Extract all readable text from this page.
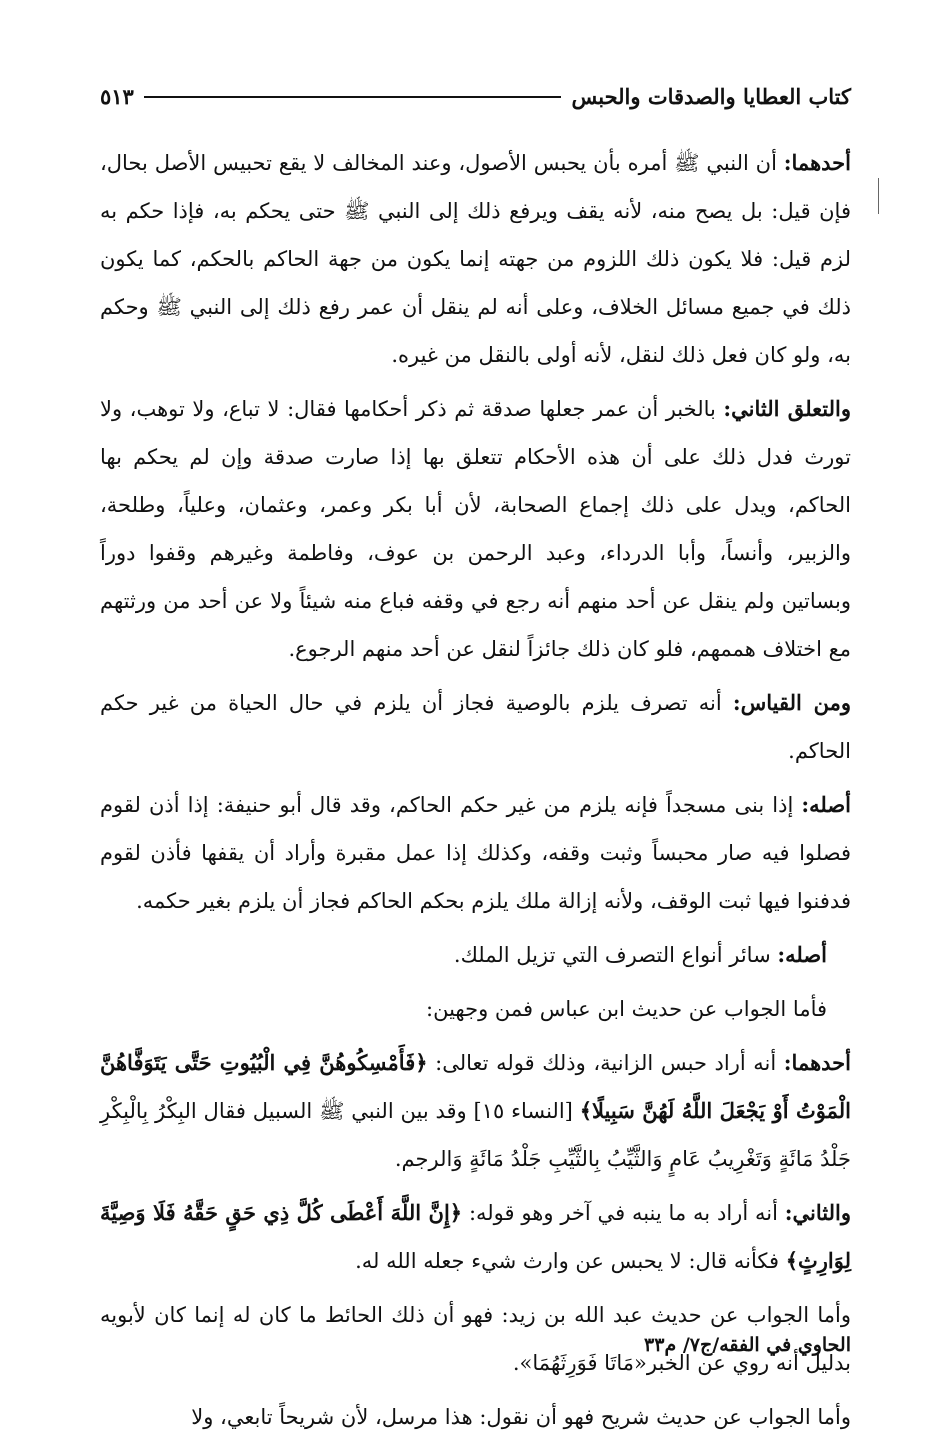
كتاب العطايا والصدقات والحبس
٥١٣

أحدهما: أن النبي ﷺ أمره بأن يحبس الأصول، وعند المخالف لا يقع تحبيس الأصل بحال، فإن قيل: بل يصح منه، لأنه يقف ويرفع ذلك إلى النبي ﷺ حتى يحكم به، فإذا حكم به لزم قيل: فلا يكون ذلك اللزوم من جهته إنما يكون من جهة الحاكم بالحكم، كما يكون ذلك في جميع مسائل الخلاف، وعلى أنه لم ينقل أن عمر رفع ذلك إلى النبي ﷺ وحكم به، ولو كان فعل ذلك لنقل، لأنه أولى بالنقل من غيره.

والتعلق الثاني: بالخبر أن عمر جعلها صدقة ثم ذكر أحكامها فقال: لا تباع، ولا توهب، ولا تورث فدل ذلك على أن هذه الأحكام تتعلق بها إذا صارت صدقة وإن لم يحكم بها الحاكم، ويدل على ذلك إجماع الصحابة، لأن أبا بكر وعمر، وعثمان، وعلياً، وطلحة، والزبير، وأنساً، وأبا الدرداء، وعبد الرحمن بن عوف، وفاطمة وغيرهم وقفوا دوراً وبساتين ولم ينقل عن أحد منهم أنه رجع في وقفه فباع منه شيئاً ولا عن أحد من ورثتهم مع اختلاف هممهم، فلو كان ذلك جائزاً لنقل عن أحد منهم الرجوع.

ومن القياس: أنه تصرف يلزم بالوصية فجاز أن يلزم في حال الحياة من غير حكم الحاكم.

أصله: إذا بنى مسجداً فإنه يلزم من غير حكم الحاكم، وقد قال أبو حنيفة: إذا أذن لقوم فصلوا فيه صار محبساً وثبت وقفه، وكذلك إذا عمل مقبرة وأراد أن يقفها فأذن لقوم فدفنوا فيها ثبت الوقف، ولأنه إزالة ملك يلزم بحكم الحاكم فجاز أن يلزم بغير حكمه.

أصله: سائر أنواع التصرف التي تزيل الملك.

فأما الجواب عن حديث ابن عباس فمن وجهين:

أحدهما: أنه أراد حبس الزانية، وذلك قوله تعالى: ﴿فَأَمْسِكُوهُنَّ فِي الْبُيُوتِ حَتَّى يَتَوَفَّاهُنَّ الْمَوْتُ أَوْ يَجْعَلَ اللَّهُ لَهُنَّ سَبِيلًا﴾ [النساء ١٥] وقد بين النبي ﷺ السبيل فقال البِكْرُ بِالْبِكْرِ جَلْدُ مَائَةٍ وَتَغْرِيبُ عَامٍ وَالثَّيِّبُ بِالثَّيِّبِ جَلْدُ مَائَةٍ وَالرجم.

والثاني: أنه أراد به ما ينبه في آخر وهو قوله: ﴿إِنَّ اللَّهَ أَعْطَى كُلَّ ذِي حَقٍ حَقَّهُ فَلَا وَصِيَّةَ لِوَارِثٍ﴾ فكأنه قال: لا يحبس عن وارث شيء جعله الله له.

وأما الجواب عن حديث عبد الله بن زيد: فهو أن ذلك الحائط ما كان له إنما كان لأبويه بدليل أنه روي عن الخبر«مَاتَا فَوَرِثَهُمَا».

وأما الجواب عن حديث شريح فهو أن نقول: هذا مرسل، لأن شريحاً تابعي، ولا

الحاوي في الفقه/ج٧/ م٣٣
